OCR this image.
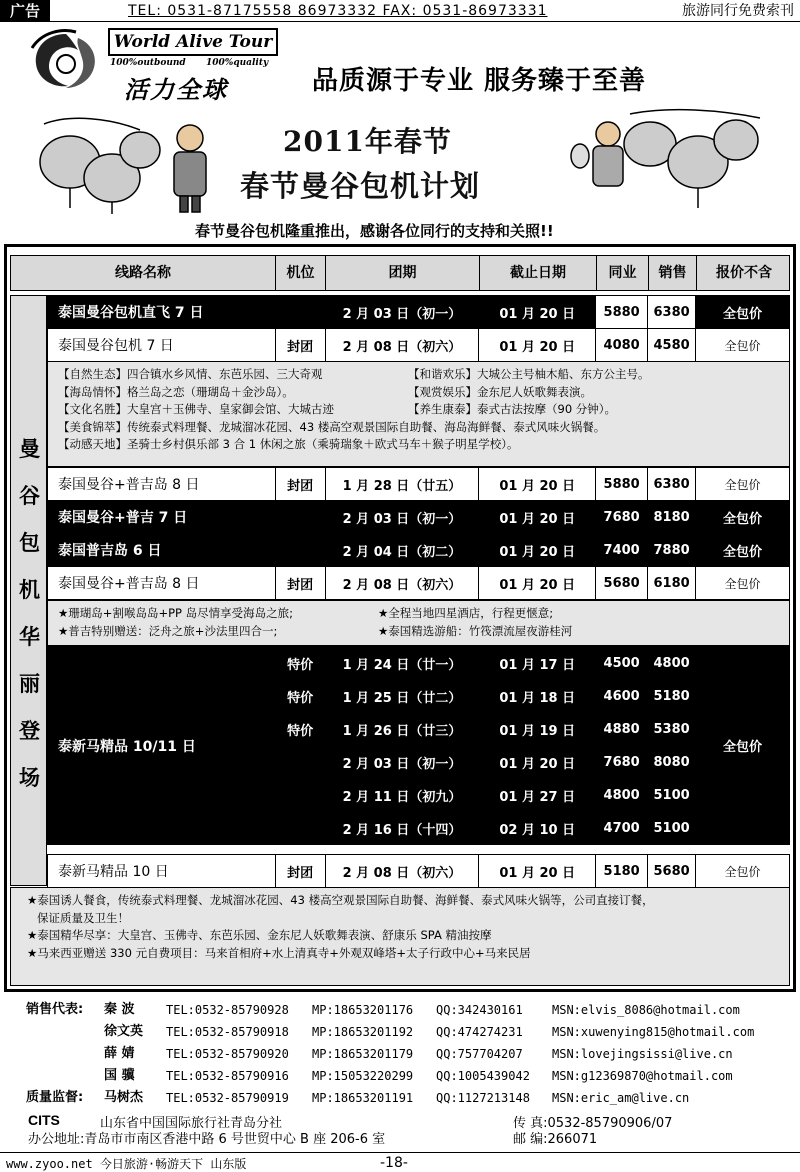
广告	TEL: 0531-87175558 86973332 FAX: 0531-86973331	旅游同行免费索刊
World Alive Tour
100%outbound 100%quality
活力全球	品质源于专业 服务臻于至善
2011年春节
春节曼谷包机计划
春节曼谷包机隆重推出，感谢各位同行的支持和关照!!
线路名称	机位	团期	截止日期	同业	销售	报价不含
曼
谷
包
机
华
丽
登
场
泰国曼谷包机直飞 7 日		2 月 03 日（初一）	01 月 20 日	5880	6380	全包价
泰国曼谷包机 7 日	封团	2 月 08 日（初六）	01 月 20 日	4080	4580	全包价
【自然生态】四合镇水乡风情、东芭乐园、三大奇观	【和谐欢乐】大城公主号柚木船、东方公主号。
【海岛情怀】格兰岛之恋（珊瑚岛＋金沙岛）。	【观赏娱乐】金东尼人妖歌舞表演。
【文化名胜】大皇宫＋玉佛寺、皇家御会馆、大城古迹	【养生康泰】泰式古法按摩（90 分钟）。
【美食锦萃】传统泰式料理餐、龙城溜冰花园、43 楼高空观景国际自助餐、海岛海鲜餐、泰式风味火锅餐。
【动感天地】圣骑士乡村俱乐部 3 合 1 休闲之旅（乘骑瑞象＋欧式马车＋猴子明星学校）。
泰国曼谷+普吉岛 8 日	封团	1 月 28 日（廿五）	01 月 20 日	5880	6380	全包价
泰国曼谷+普吉 7 日		2 月 03 日（初一）	01 月 20 日	7680	8180	全包价
泰国普吉岛 6 日		2 月 04 日（初二）	01 月 20 日	7400	7880	全包价
泰国曼谷+普吉岛 8 日	封团	2 月 08 日（初六）	01 月 20 日	5680	6180	全包价
★珊瑚岛+割喉岛岛+PP 岛尽情享受海岛之旅;	★全程当地四星酒店，行程更惬意;
★普吉特别赠送：泛舟之旅+沙法里四合一;	★泰国精选游船：竹筏漂流屋夜游桂河
泰新马精品 10/11 日	特价	1 月 24 日（廿一）	01 月 17 日	4500	4800	全包价
	特价	1 月 25 日（廿二）	01 月 18 日	4600	5180	
	特价	1 月 26 日（廿三）	01 月 19 日	4880	5380	
		2 月 03 日（初一）	01 月 20 日	7680	8080	
		2 月 11 日（初九）	01 月 27 日	4800	5100	
		2 月 16 日（十四）	02 月 10 日	4700	5100	
泰新马精品 10 日	封团	2 月 08 日（初六）	01 月 20 日	5180	5680	全包价
★泰国诱人餐食，传统泰式料理餐、龙城溜冰花园、43 楼高空观景国际自助餐、海鲜餐、泰式风味火锅等，公司直接订餐，
保证质量及卫生！
★泰国精华尽享：大皇宫、玉佛寺、东芭乐园、金东尼人妖歌舞表演、舒康乐 SPA 精油按摩
★马来西亚赠送 330 元自费项目：马来首相府+水上清真寺+外观双峰塔+太子行政中心+马来民居
销售代表: 秦 波	TEL:0532-85790928 MP:18653201176 QQ:342430161 MSN:elvis_8086@hotmail.com
徐文英 TEL:0532-85790918 MP:18653201192 QQ:474274231 MSN:xuwenying815@hotmail.com
薛 婧	TEL:0532-85790920 MP:18653201179 QQ:757704207 MSN:lovejingsissi@live.cn
国 骥	TEL:0532-85790916 MP:15053220299 QQ:1005439042 MSN:g12369870@hotmail.com
质量监督: 马树杰 TEL:0532-85790919 MP:18653201191 QQ:1127213148 MSN:eric_am@live.cn
CITS	山东省中国国际旅行社青岛分社
办公地址:青岛市市南区香港中路 6 号世贸中心 B 座 206-6 室
传 真:0532-85790906/07
邮 编:266071
www.zyoo.net 今日旅游·畅游天下 山东版	-18-
